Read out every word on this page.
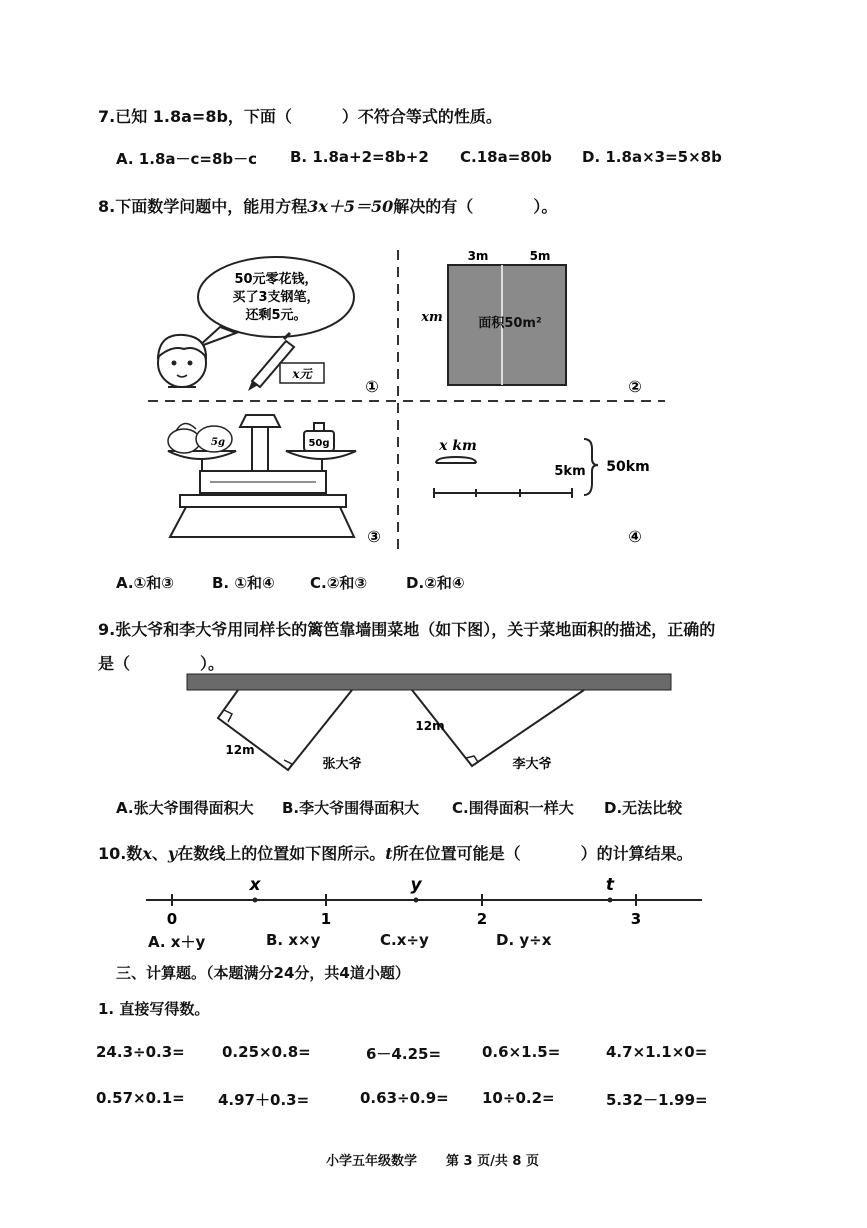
7.已知 1.8a=8b，下面（	）不符合等式的性质。
A. 1.8a－c=8b－c B. 1.8a+2=8b+2 C.18a=80b D. 1.8a×3=5×8b
8.下面数学问题中，能用方程3x＋5＝50解决的有（	）。
50元零花钱，
买了3支钢笔，
还剩5元。
x元
①
3m	5m
xm	面积50m²
②
5g	50g
③
x km
5km 50km
④
A.①和③	B. ①和④ C.②和③	D.②和④
9.张大爷和李大爷用同样长的篱笆靠墙围菜地（如下图），关于菜地面积的描述，正确的
是（	）。
12m
12m
张大爷	李大爷
A.张大爷围得面积大 B.李大爷围得面积大 C.围得面积一样大 D.无法比较
10.数x、y在数线上的位置如下图所示。t所在位置可能是（	）的计算结果。
0	1	2	3
x	y	t
A. x＋y	B. x×y	C.x÷y	D. y÷x
三、计算题。（本题满分24分，共4道小题）
1. 直接写得数。
24.3÷0.3= 0.25×0.8=	6－4.25=	0.6×1.5=	4.7×1.1×0=
0.57×0.1= 4.97＋0.3=	0.63÷0.9= 10÷0.2=	5.32－1.99=
小学五年级数学 第 3 页/共 8 页
